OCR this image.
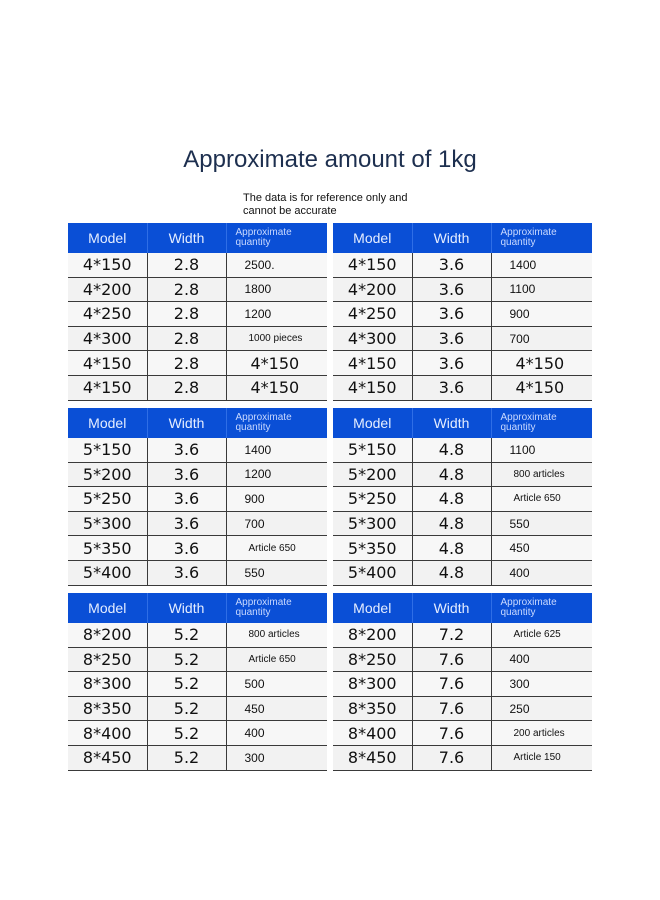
Approximate amount of 1kg
The data is for reference only and cannot be accurate
Model	Width	Approximate quantity
4*150	2.8	2500.
4*200	2.8	1800
4*250	2.8	1200
4*300	2.8	1000 pieces
4*150	2.8	4*150
4*150	2.8	4*150
Model	Width	Approximate quantity
4*150	3.6	1400
4*200	3.6	1100
4*250	3.6	900
4*300	3.6	700
4*150	3.6	4*150
4*150	3.6	4*150
Model	Width	Approximate quantity
5*150	3.6	1400
5*200	3.6	1200
5*250	3.6	900
5*300	3.6	700
5*350	3.6	Article 650
5*400	3.6	550
Model	Width	Approximate quantity
5*150	4.8	1100
5*200	4.8	800 articles
5*250	4.8	Article 650
5*300	4.8	550
5*350	4.8	450
5*400	4.8	400
Model	Width	Approximate quantity
8*200	5.2	800 articles
8*250	5.2	Article 650
8*300	5.2	500
8*350	5.2	450
8*400	5.2	400
8*450	5.2	300
Model	Width	Approximate quantity
8*200	7.2	Article 625
8*250	7.6	400
8*300	7.6	300
8*350	7.6	250
8*400	7.6	200 articles
8*450	7.6	Article 150
